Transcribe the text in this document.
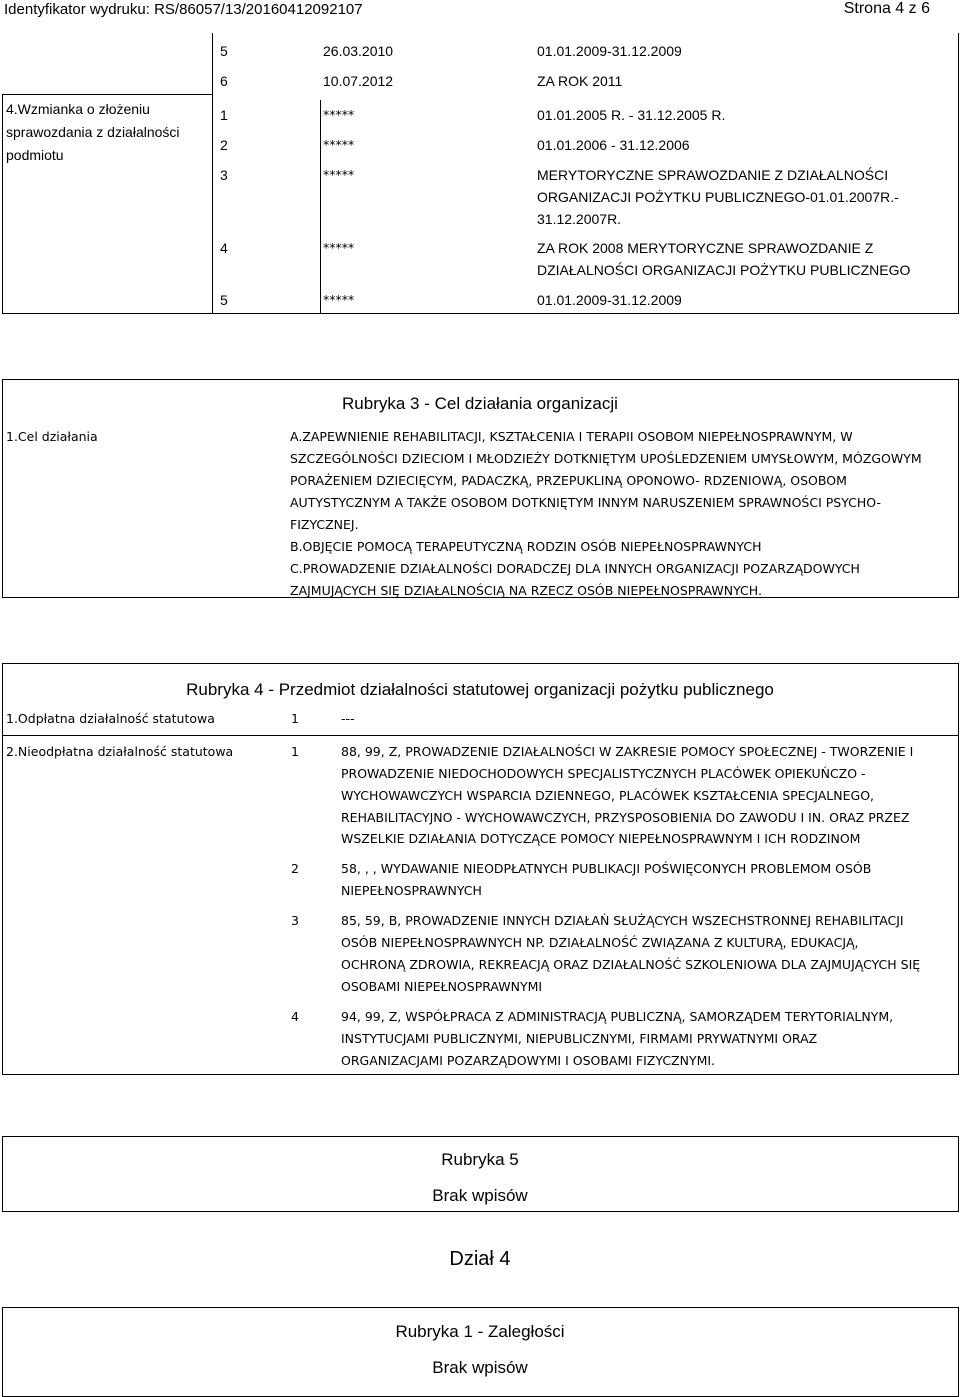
Identyfikator wydruku: RS/86057/13/20160412092107	Strona 4 z 6
5	26.03.2010	01.01.2009-31.12.2009
6	10.07.2012	ZA ROK 2011
4.Wzmianka o złożeniu
sprawozdania z działalności
podmiotu
1	*****	01.01.2005 R. - 31.12.2005 R.
2	*****	01.01.2006 - 31.12.2006
3	*****	MERYTORYCZNE SPRAWOZDANIE Z DZIAŁALNOŚCI
ORGANIZACJI POŻYTKU PUBLICZNEGO-01.01.2007R.-
31.12.2007R.
4	*****	ZA ROK 2008 MERYTORYCZNE SPRAWOZDANIE Z
DZIAŁALNOŚCI ORGANIZACJI POŻYTKU PUBLICZNEGO
5	*****	01.01.2009-31.12.2009
Rubryka 3 - Cel działania organizacji
1.Cel działania	A.ZAPEWNIENIE REHABILITACJI, KSZTAŁCENIA I TERAPII OSOBOM NIEPEŁNOSPRAWNYM, W
SZCZEGÓLNOŚCI DZIECIOM I MŁODZIEŻY DOTKNIĘTYM UPOŚLEDZENIEM UMYSŁOWYM, MÓZGOWYM
PORAŻENIEM DZIECIĘCYM, PADACZKĄ, PRZEPUKLINĄ OPONOWO- RDZENIOWĄ, OSOBOM
AUTYSTYCZNYM A TAKŻE OSOBOM DOTKNIĘTYM INNYM NARUSZENIEM SPRAWNOŚCI PSYCHO-
FIZYCZNEJ.
B.OBJĘCIE POMOCĄ TERAPEUTYCZNĄ RODZIN OSÓB NIEPEŁNOSPRAWNYCH
C.PROWADZENIE DZIAŁALNOŚCI DORADCZEJ DLA INNYCH ORGANIZACJI POZARZĄDOWYCH
ZAJMUJĄCYCH SIĘ DZIAŁALNOŚCIĄ NA RZECZ OSÓB NIEPEŁNOSPRAWNYCH.
Rubryka 4 - Przedmiot działalności statutowej organizacji pożytku publicznego
1.Odpłatna działalność statutowa	1	---
2.Nieodpłatna działalność statutowa	1	88, 99, Z, PROWADZENIE DZIAŁALNOŚCI W ZAKRESIE POMOCY SPOŁECZNEJ - TWORZENIE I
PROWADZENIE NIEDOCHODOWYCH SPECJALISTYCZNYCH PLACÓWEK OPIEKUŃCZO -
WYCHOWAWCZYCH WSPARCIA DZIENNEGO, PLACÓWEK KSZTAŁCENIA SPECJALNEGO,
REHABILITACYJNO - WYCHOWAWCZYCH, PRZYSPOSOBIENIA DO ZAWODU I IN. ORAZ PRZEZ
WSZELKIE DZIAŁANIA DOTYCZĄCE POMOCY NIEPEŁNOSPRAWNYM I ICH RODZINOM
2	58, , , WYDAWANIE NIEODPŁATNYCH PUBLIKACJI POŚWIĘCONYCH PROBLEMOM OSÓB
NIEPEŁNOSPRAWNYCH
3	85, 59, B, PROWADZENIE INNYCH DZIAŁAŃ SŁUŻĄCYCH WSZECHSTRONNEJ REHABILITACJI
OSÓB NIEPEŁNOSPRAWNYCH NP. DZIAŁALNOŚĆ ZWIĄZANA Z KULTURĄ, EDUKACJĄ,
OCHRONĄ ZDROWIA, REKREACJĄ ORAZ DZIAŁALNOŚĆ SZKOLENIOWA DLA ZAJMUJĄCYCH SIĘ
OSOBAMI NIEPEŁNOSPRAWNYMI
4	94, 99, Z, WSPÓŁPRACA Z ADMINISTRACJĄ PUBLICZNĄ, SAMORZĄDEM TERYTORIALNYM,
INSTYTUCJAMI PUBLICZNYMI, NIEPUBLICZNYMI, FIRMAMI PRYWATNYMI ORAZ
ORGANIZACJAMI POZARZĄDOWYMI I OSOBAMI FIZYCZNYMI.
Rubryka 5
Brak wpisów
Dział 4
Rubryka 1 - Zaległości
Brak wpisów
